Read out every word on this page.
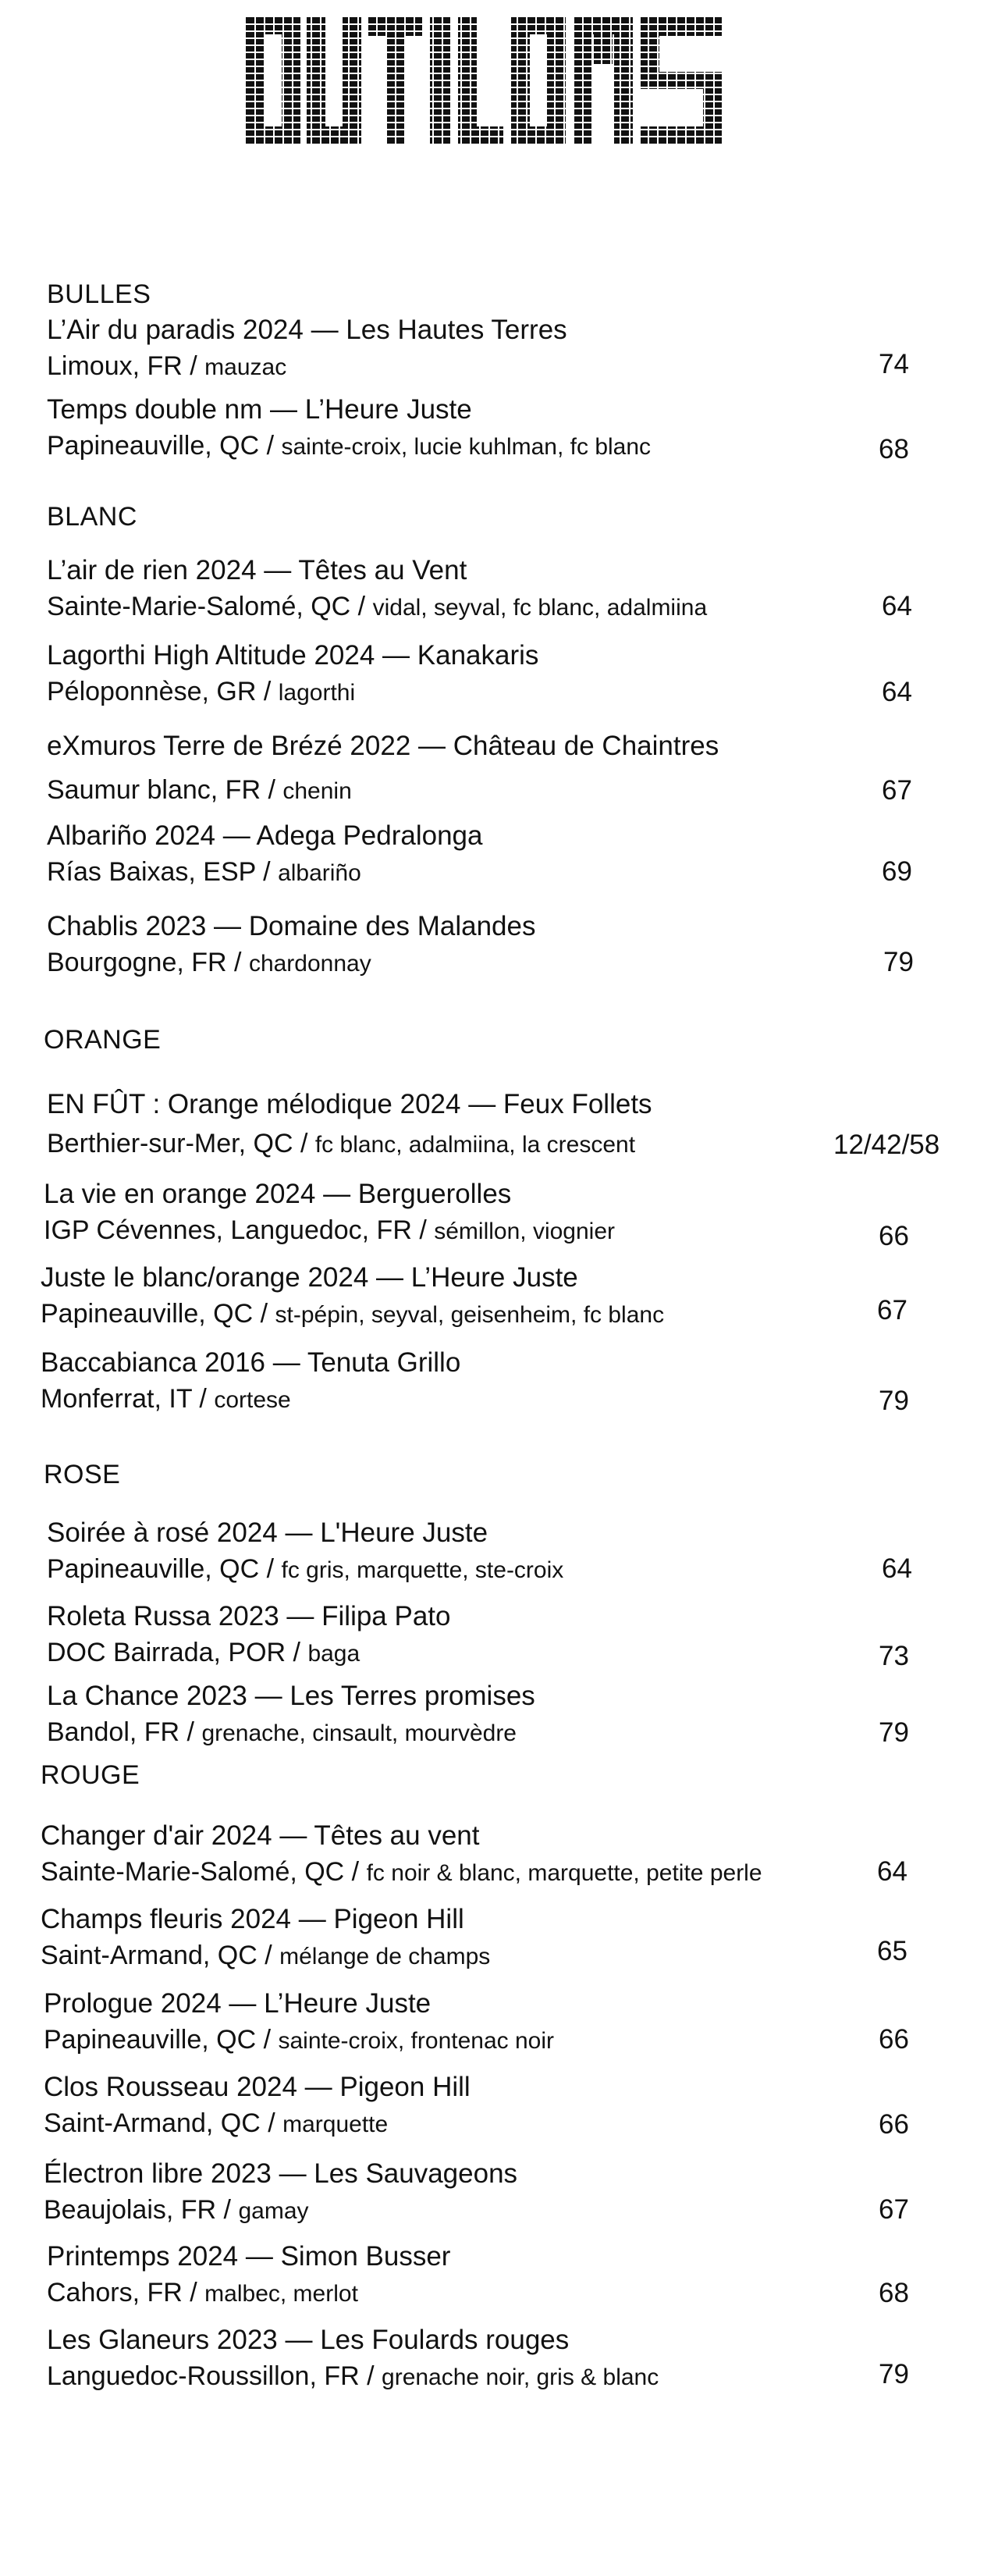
BULLES
BLANC
ORANGE
ROSE
ROUGE
L’Air du paradis 2024 — Les Hautes Terres
Limoux, FR / mauzac	74
Temps double nm — L’Heure Juste
Papineauville, QC / sainte-croix, lucie kuhlman, fc blanc	68
L’air de rien 2024 — Têtes au Vent
Sainte-Marie-Salomé, QC / vidal, seyval, fc blanc, adalmiina	64
Lagorthi High Altitude 2024 — Kanakaris
Péloponnèse, GR / lagorthi	64
eXmuros Terre de Brézé 2022 — Château de Chaintres
Saumur blanc, FR / chenin	67
Albariño 2024 — Adega Pedralonga
Rías Baixas, ESP / albariño	69
Chablis 2023 — Domaine des Malandes
Bourgogne, FR / chardonnay	79
EN FÛT : Orange mélodique 2024 — Feux Follets
Berthier-sur-Mer, QC / fc blanc, adalmiina, la crescent	12/42/58
La vie en orange 2024 — Berguerolles
IGP Cévennes, Languedoc, FR / sémillon, viognier	66
Juste le blanc/orange 2024 — L’Heure Juste
Papineauville, QC / st-pépin, seyval, geisenheim, fc blanc	67
Baccabianca 2016 — Tenuta Grillo
Monferrat, IT / cortese	79
Soirée à rosé 2024 — L'Heure Juste
Papineauville, QC / fc gris, marquette, ste-croix	64
Roleta Russa 2023 — Filipa Pato
DOC Bairrada, POR / baga	73
La Chance 2023 — Les Terres promises
Bandol, FR / grenache, cinsault, mourvèdre	79
Changer d'air 2024 — Têtes au vent
Sainte-Marie-Salomé, QC / fc noir & blanc, marquette, petite perle	64
Champs fleuris 2024 — Pigeon Hill
Saint-Armand, QC / mélange de champs	65
Prologue 2024 — L’Heure Juste
Papineauville, QC / sainte-croix, frontenac noir	66
Clos Rousseau 2024 — Pigeon Hill
Saint-Armand, QC / marquette	66
Électron libre 2023 — Les Sauvageons
Beaujolais, FR / gamay	67
Printemps 2024 — Simon Busser
Cahors, FR / malbec, merlot	68
Les Glaneurs 2023 — Les Foulards rouges
Languedoc-Roussillon, FR / grenache noir, gris & blanc	79
